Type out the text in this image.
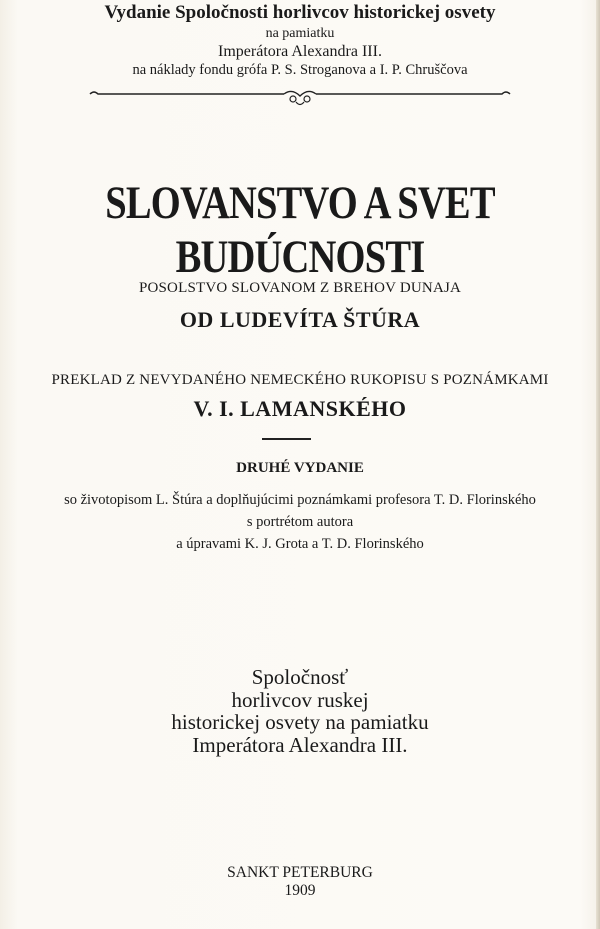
Vydanie Spoločnosti horlivcov historickej osvety
na pamiatku
Imperátora Alexandra III.
na náklady fondu grófa P. S. Stroganova a I. P. Chruščova
SLOVANSTVO A SVET BUDÚCNOSTI
POSOLSTVO SLOVANOM Z BREHOV DUNAJA
OD LUDEVÍTA ŠTÚRA
PREKLAD Z NEVYDANÉHO NEMECKÉHO RUKOPISU S POZNÁMKAMI
V. I. LAMANSKÉHO
DRUHÉ VYDANIE
so životopisom L. Štúra a doplňujúcimi poznámkami profesora T. D. Florinského
s portrétom autora
a úpravami K. J. Grota a T. D. Florinského
Spoločnosť
horlivcov ruskej
historickej osvety na pamiatku
Imperátora Alexandra III.
SANKT PETERBURG
1909
